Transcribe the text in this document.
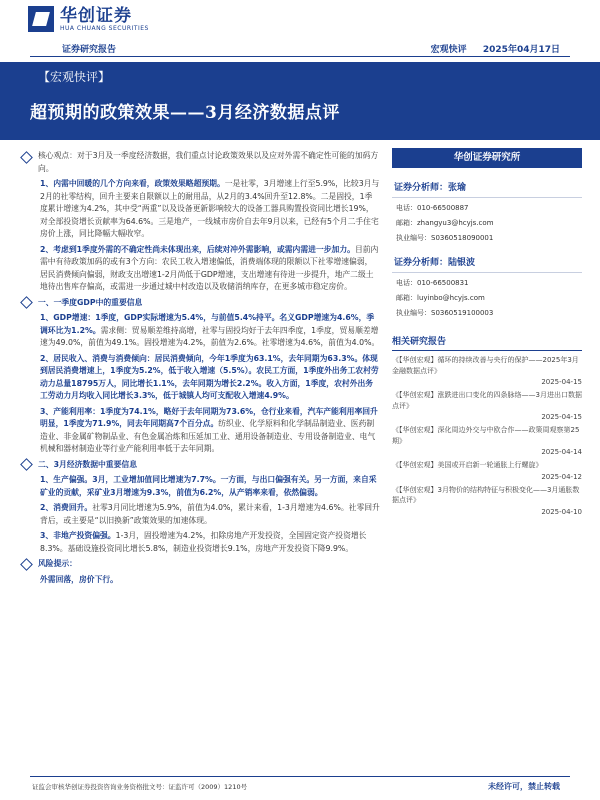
华创证券
HUA CHUANG SECURITIES
证券研究报告	宏观快评 2025年04月17日
【宏观快评】
超预期的政策效果——3月经济数据点评
核心观点：对于3月及一季度经济数据，我们重点讨论政策效果以及应对外需不确定性可能的加码方向。

1、内需中回暖的几个方向来看，政策效果略超预期。一是社零，3月增速上行至5.9%，比较3月与2月的社零结构，回升主要来自限额以上的耐用品，从2月的3.4%回升至12.8%。二是固投，1季度累计增速为4.2%，其中受“两重”以及设备更新影响较大的设备工器具购置投资同比增长19%，对全部投资增长贡献率为64.6%。三是地产，一线城市房价自去年9月以来，已经有5个月二手住宅房价上涨，同比降幅大幅收窄。

2、考虑到1季度外需的不确定性尚未体现出来，后续对冲外需影响，或需内需进一步加力。目前内需中有待政策加码的或有3个方向：农民工收入增速偏低，消费端体现的限额以下社零增速偏弱，居民消费倾向偏弱，财政支出增速1-2月尚低于GDP增速，支出增速有待进一步提升，地产二级土地待出售库存偏高，或需进一步通过城中村改造以及收储消纳库存，在更多城市稳定房价。

一、一季度GDP中的重要信息

1、GDP增速：1季度，GDP实际增速为5.4%，与前值5.4%持平。名义GDP增速为4.6%，季调环比为1.2%。需求侧：贸易顺差维持高增，社零与固投均好于去年四季度，1季度，贸易顺差增速为49.0%，前值为49.1%。固投增速为4.2%，前值为2.6%。社零增速为4.6%，前值为4.0%。

2、居民收入、消费与消费倾向：居民消费倾向，今年1季度为63.1%，去年同期为63.3%。体现到居民消费增速上，1季度为5.2%，低于收入增速（5.5%）。农民工方面，1季度外出务工农村劳动力总量18795万人，同比增长1.1%，去年同期为增长2.2%。收入方面，1季度，农村外出务工劳动力月均收入同比增长3.3%，低于城镇人均可支配收入增速4.9%。

3、产能利用率：1季度为74.1%，略好于去年同期为73.6%，仓行业来看，汽车产能利用率回升明显，1季度为71.9%，同去年同期高7个百分点。纺织业、化学原料和化学制品制造业、医药制造业、非金属矿物制品业、有色金属冶炼和压延加工业、通用设备制造业、专用设备制造业、电气机械和器材制造业等行业产能利用率低于去年同期。

二、3月经济数据中重要信息

1、生产偏强。3月，工业增加值同比增速为7.7%。一方面，与出口偏强有关。另一方面，来自采矿业的贡献，采矿业3月增速为9.3%，前值为6.2%，从产销率来看，依然偏弱。

2、消费回升。社零3月同比增速为5.9%，前值为4.0%，累计来看，1-3月增速为4.6%。社零回升背后，或主要是“以旧换新”政策效果的加速体现。

3、非地产投资偏强。1-3月，固投增速为4.2%，扣除房地产开发投资，全国固定资产投资增长8.3%。基础设施投资同比增长5.8%，制造业投资增长9.1%，房地产开发投资下降9.9%。

风险提示：

外需回落，房价下行。

华创证券研究所
证券分析师：张瑜
电话：010-66500887
邮箱：zhangyu3@hcyjs.com
执业编号：S0360518090001
证券分析师：陆银波
电话：010-66500831
邮箱：luyinbo@hcyjs.com
执业编号：S0360519100003
相关研究报告
《【华创宏观】循环的持续改善与央行的保护——2025年3月金融数据点评》
2025-04-15
《【华创宏观】涨跌进出口变化的四条脉络——3月进出口数据点评》
2025-04-15
《【华创宏观】深化周边外交与中欧合作——政策周观察第25期》
2025-04-14
《【华创宏观】美国或开启新一轮通胀上行螺旋》
2025-04-12
《【华创宏观】3月物价的结构特征与积极变化——3月通胀数据点评》
2025-04-10
证监会审核华创证券投资咨询业务资格批文号：证监许可（2009）1210号	未经许可，禁止转载
